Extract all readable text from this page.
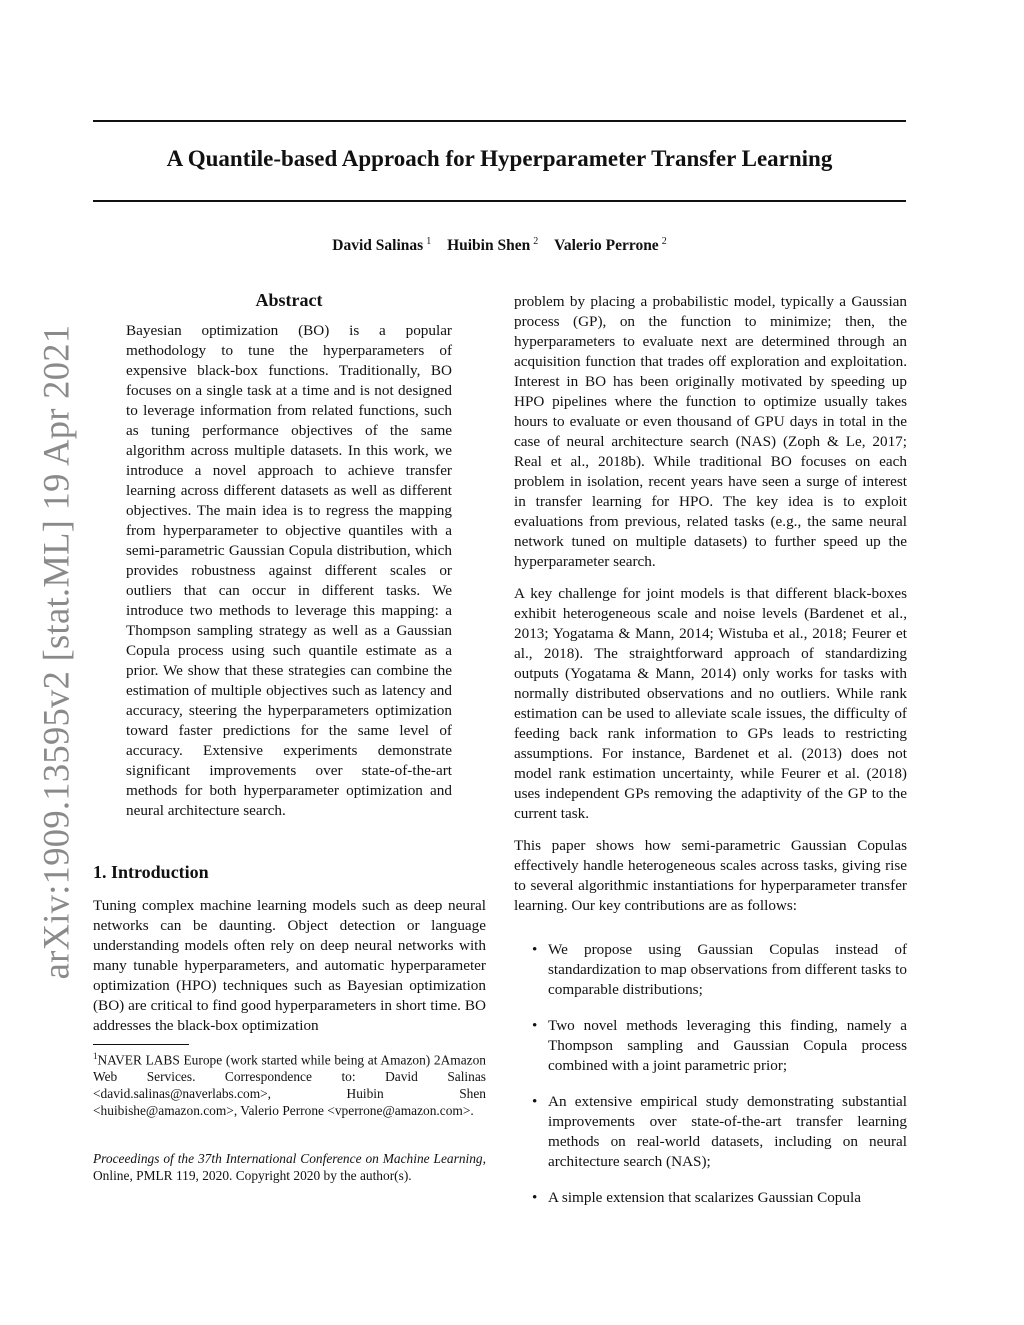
A Quantile-based Approach for Hyperparameter Transfer Learning
David Salinas $^1$ Huibin Shen $^2$ Valerio Perrone $^2$
arXiv:1909.13595v2 [stat.ML] 19 Apr 2021
Abstract
Bayesian optimization (BO) is a popular methodology to tune the hyperparameters of expensive black-box functions. Traditionally, BO focuses on a single task at a time and is not designed to leverage information from related functions, such as tuning performance objectives of the same algorithm across multiple datasets. In this work, we introduce a novel approach to achieve transfer learning across different datasets as well as different objectives. The main idea is to regress the mapping from hyperparameter to objective quantiles with a semi-parametric Gaussian Copula distribution, which provides robustness against different scales or outliers that can occur in different tasks. We introduce two methods to leverage this mapping: a Thompson sampling strategy as well as a Gaussian Copula process using such quantile estimate as a prior. We show that these strategies can combine the estimation of multiple objectives such as latency and accuracy, steering the hyperparameters optimization toward faster predictions for the same level of accuracy. Extensive experiments demonstrate significant improvements over state-of-the-art methods for both hyperparameter optimization and neural architecture search.
1. Introduction
Tuning complex machine learning models such as deep neural networks can be daunting. Object detection or language understanding models often rely on deep neural networks with many tunable hyperparameters, and automatic hyperparameter optimization (HPO) techniques such as Bayesian optimization (BO) are critical to find good hyperparameters in short time. BO addresses the black-box optimization
$^1$NAVER LABS Europe (work started while being at Amazon) 2Amazon Web Services. Correspondence to: David Salinas <david.salinas@naverlabs.com>, Huibin Shen <huibishe@amazon.com>, Valerio Perrone <vperrone@amazon.com>.
Proceedings of the 37th International Conference on Machine Learning, Online, PMLR 119, 2020. Copyright 2020 by the author(s).

problem by placing a probabilistic model, typically a Gaussian process (GP), on the function to minimize; then, the hyperparameters to evaluate next are determined through an acquisition function that trades off exploration and exploitation. Interest in BO has been originally motivated by speeding up HPO pipelines where the function to optimize usually takes hours to evaluate or even thousand of GPU days in total in the case of neural architecture search (NAS) (Zoph & Le, 2017; Real et al., 2018b). While traditional BO focuses on each problem in isolation, recent years have seen a surge of interest in transfer learning for HPO. The key idea is to exploit evaluations from previous, related tasks (e.g., the same neural network tuned on multiple datasets) to further speed up the hyperparameter search.

A key challenge for joint models is that different black-boxes exhibit heterogeneous scale and noise levels (Bardenet et al., 2013; Yogatama & Mann, 2014; Wistuba et al., 2018; Feurer et al., 2018). The straightforward approach of standardizing outputs (Yogatama & Mann, 2014) only works for tasks with normally distributed observations and no outliers. While rank estimation can be used to alleviate scale issues, the difficulty of feeding back rank information to GPs leads to restricting assumptions. For instance, Bardenet et al. (2013) does not model rank estimation uncertainty, while Feurer et al. (2018) uses independent GPs removing the adaptivity of the GP to the current task.

This paper shows how semi-parametric Gaussian Copulas effectively handle heterogeneous scales across tasks, giving rise to several algorithmic instantiations for hyperparameter transfer learning. Our key contributions are as follows:

• We propose using Gaussian Copulas instead of standardization to map observations from different tasks to comparable distributions;
• Two novel methods leveraging this finding, namely a Thompson sampling and Gaussian Copula process combined with a joint parametric prior;
• An extensive empirical study demonstrating substantial improvements over state-of-the-art transfer learning methods on real-world datasets, including on neural architecture search (NAS);
• A simple extension that scalarizes Gaussian Copula
